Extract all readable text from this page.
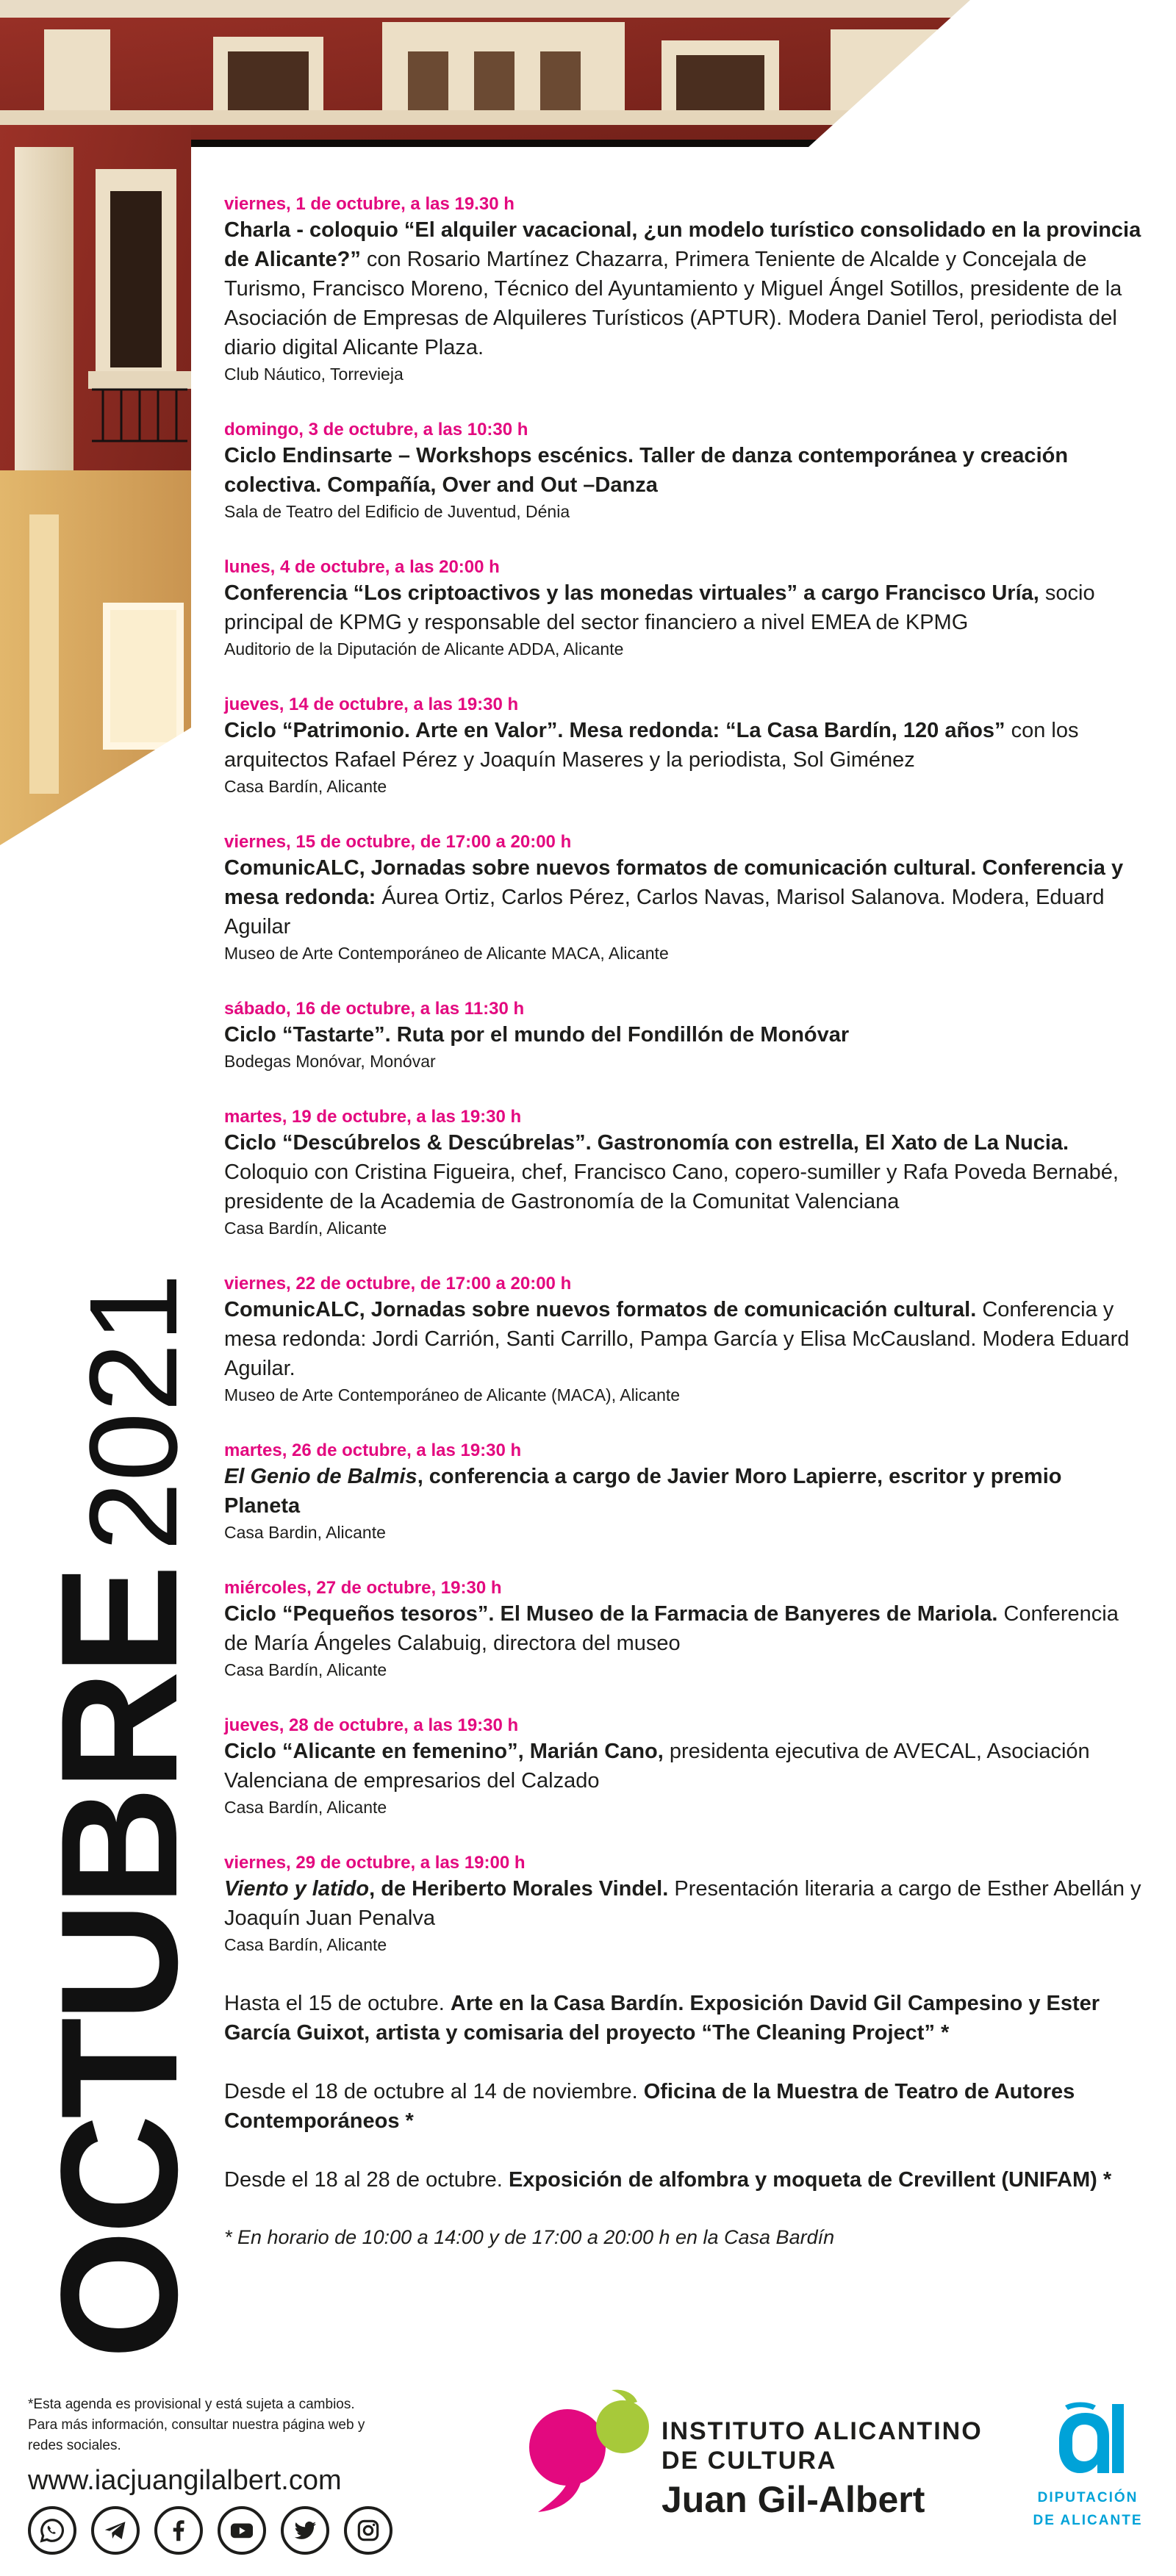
OCTUBRE2021
viernes, 1 de octubre, a las 19.30 h
Charla - coloquio “El alquiler vacacional, ¿un modelo turístico consolidado en la provincia de Alicante?” con Rosario Martínez Chazarra, Primera Teniente de Alcalde y Concejala de Turismo, Francisco Moreno, Técnico del Ayuntamiento y Miguel Ángel Sotillos, presidente de la Asociación de Empresas de Alquileres Turísticos (APTUR). Modera Daniel Terol, periodista del diario digital Alicante Plaza.
Club Náutico, Torrevieja
domingo, 3 de octubre, a las 10:30 h
Ciclo Endinsarte – Workshops escénics. Taller de danza contemporánea y creación colectiva. Compañía, Over and Out –Danza
Sala de Teatro del Edificio de Juventud, Dénia
lunes, 4 de octubre, a las 20:00 h
Conferencia “Los criptoactivos y las monedas virtuales” a cargo Francisco Uría, socio principal de KPMG y responsable del sector financiero a nivel EMEA de KPMG
Auditorio de la Diputación de Alicante ADDA, Alicante
jueves, 14 de octubre, a las 19:30 h
Ciclo “Patrimonio. Arte en Valor”. Mesa redonda: “La Casa Bardín, 120 años” con los arquitectos Rafael Pérez y Joaquín Maseres y la periodista, Sol Giménez
Casa Bardín, Alicante
viernes, 15 de octubre, de 17:00 a 20:00 h
ComunicALC, Jornadas sobre nuevos formatos de comunicación cultural. Conferencia y mesa redonda: Áurea Ortiz, Carlos Pérez, Carlos Navas, Marisol Salanova. Modera, Eduard Aguilar
Museo de Arte Contemporáneo de Alicante MACA, Alicante
sábado, 16 de octubre, a las 11:30 h
Ciclo “Tastarte”. Ruta por el mundo del Fondillón de Monóvar
Bodegas Monóvar, Monóvar
martes, 19 de octubre, a las 19:30 h
Ciclo “Descúbrelos & Descúbrelas”. Gastronomía con estrella, El Xato de La Nucia. Coloquio con Cristina Figueira, chef, Francisco Cano, copero-sumiller y Rafa Poveda Bernabé, presidente de la Academia de Gastronomía de la Comunitat Valenciana
Casa Bardín, Alicante
viernes, 22 de octubre, de 17:00 a 20:00 h
ComunicALC, Jornadas sobre nuevos formatos de comunicación cultural. Conferencia y mesa redonda: Jordi Carrión, Santi Carrillo, Pampa García y Elisa McCausland. Modera Eduard Aguilar.
Museo de Arte Contemporáneo de Alicante (MACA), Alicante
martes, 26 de octubre, a las 19:30 h
El Genio de Balmis, conferencia a cargo de Javier Moro Lapierre, escritor y premio Planeta
Casa Bardin, Alicante
miércoles, 27 de octubre, 19:30 h
Ciclo “Pequeños tesoros”. El Museo de la Farmacia de Banyeres de Mariola. Conferencia de María Ángeles Calabuig, directora del museo
Casa Bardín, Alicante
jueves, 28 de octubre, a las 19:30 h
Ciclo “Alicante en femenino”, Marián Cano, presidenta ejecutiva de AVECAL, Asociación Valenciana de empresarios del Calzado
Casa Bardín, Alicante
viernes, 29 de octubre, a las 19:00 h
Viento y latido, de Heriberto Morales Vindel. Presentación literaria a cargo de Esther Abellán y Joaquín Juan Penalva
Casa Bardín, Alicante
Hasta el 15 de octubre. Arte en la Casa Bardín. Exposición David Gil Campesino y Ester García Guixot, artista y comisaria del proyecto “The Cleaning Project” *
Desde el 18 de octubre al 14 de noviembre. Oficina de la Muestra de Teatro de Autores Contemporáneos *
Desde el 18 al 28 de octubre. Exposición de alfombra y moqueta de Crevillent (UNIFAM) *
* En horario de 10:00 a 14:00 y de 17:00 a 20:00 h en la Casa Bardín
*Esta agenda es provisional y está sujeta a cambios. Para más información, consultar nuestra página web y redes sociales.
www.iacjuangilalbert.com
INSTITUTO ALICANTINO
DE CULTURA
Juan Gil-Albert	DIPUTACIÓN
DE ALICANTE
